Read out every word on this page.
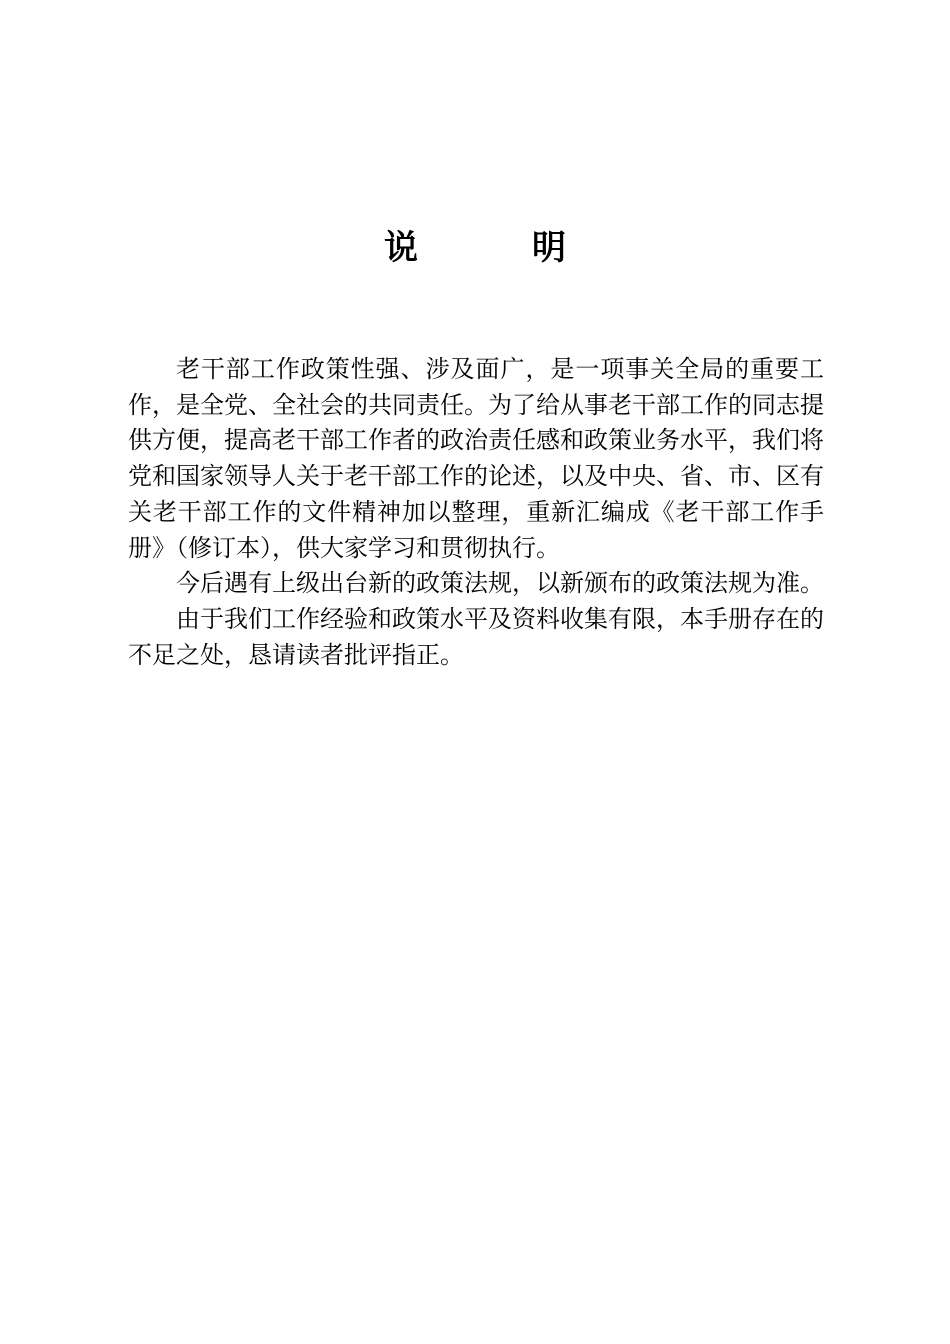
说　明

老干部工作政策性强、涉及面广，是一项事关全局的重要工作，是全党、全社会的共同责任。为了给从事老干部工作的同志提供方便，提高老干部工作者的政治责任感和政策业务水平，我们将党和国家领导人关于老干部工作的论述，以及中央、省、市、区有关老干部工作的文件精神加以整理，重新汇编成《老干部工作手册》（修订本），供大家学习和贯彻执行。

今后遇有上级出台新的政策法规，以新颁布的政策法规为准。

由于我们工作经验和政策水平及资料收集有限，本手册存在的不足之处，恳请读者批评指正。
